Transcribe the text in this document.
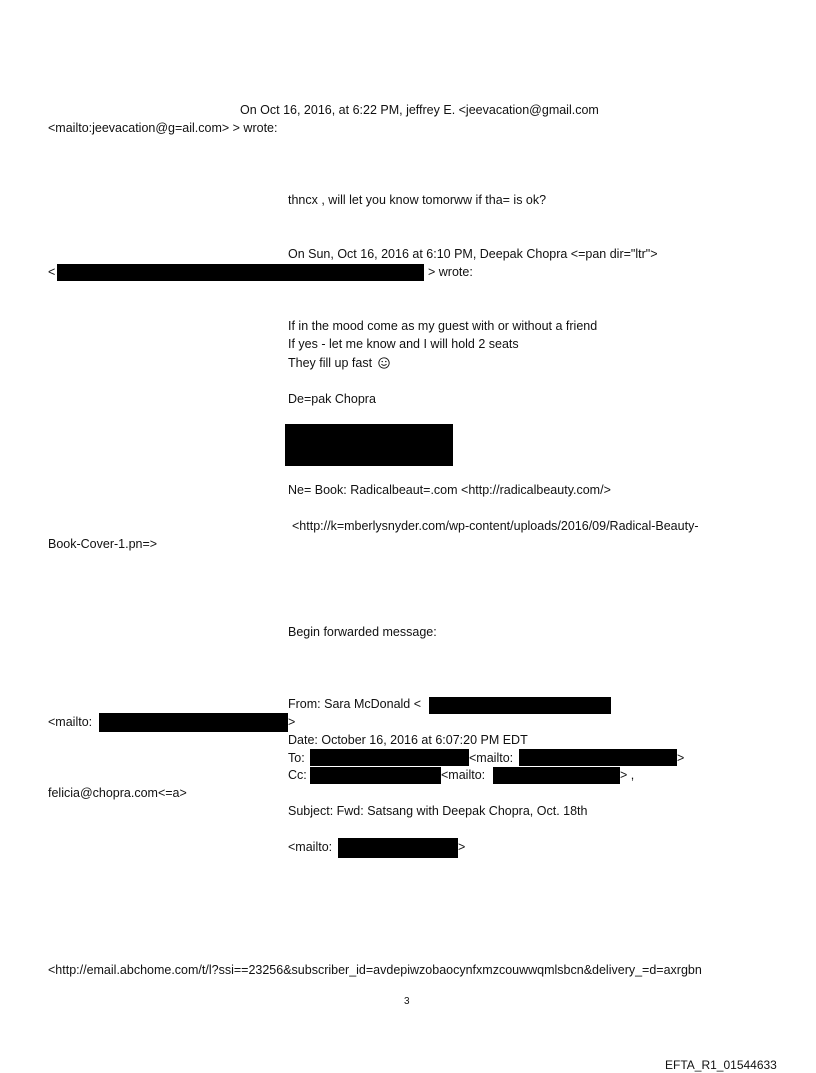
On Oct 16, 2016, at 6:22 PM, jeffrey E. <jeevacation@gmail.com
<mailto:jeevacation@g=ail.com> > wrote:
thncx , will let you know tomorww if tha= is ok?
On Sun, Oct 16, 2016 at 6:10 PM, Deepak Chopra <=pan dir="ltr">
<	> wrote:
If in the mood come as my guest with or without a friend
If yes - let me know and I will hold 2 seats
They fill up fast
De=pak Chopra
Ne= Book: Radicalbeaut=.com <http://radicalbeauty.com/>
<http://k=mberlysnyder.com/wp-content/uploads/2016/09/Radical-Beauty-
Book-Cover-1.pn=>
Begin forwarded message:
From: Sara McDonald <
<mailto:	>
Date: October 16, 2016 at 6:07:20 PM EDT
To:	<mailto:	>
Cc:	<mailto:	> ,
felicia@chopra.com<=a>
Subject: Fwd: Satsang with Deepak Chopra, Oct. 18th
<mailto:	>
<http://email.abchome.com/t/l?ssi==23256&subscriber_id=avdepiwzobaocynfxmzcouwwqmlsbcn&delivery_=d=axrgbn
3
EFTA_R1_01544633
